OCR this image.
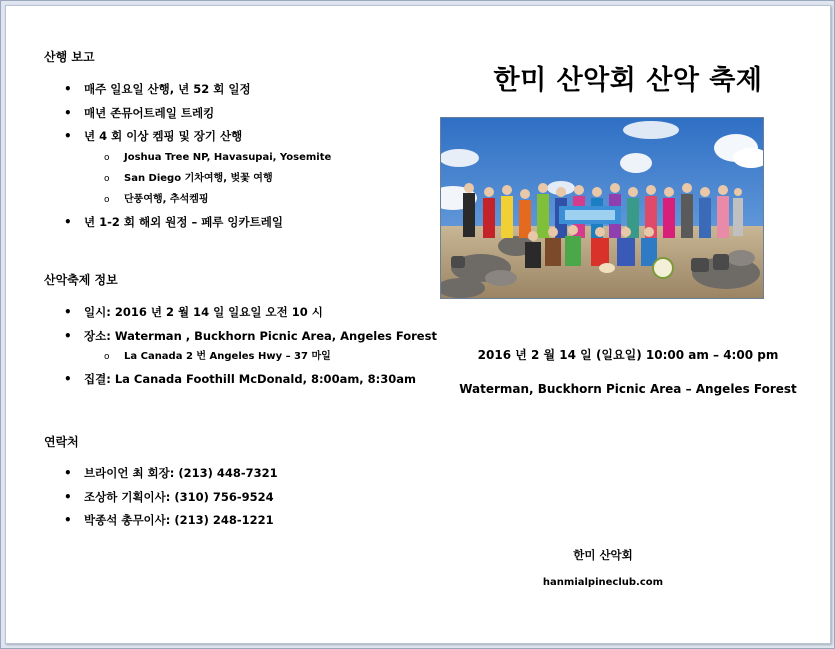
산행 보고
• 매주 일요일 산행, 년 52 회 일정
• 매년 존뮤어트레일 트레킹
• 년 4 회 이상 켐핑 및 장기 산행
o Joshua Tree NP, Havasupai, Yosemite
o San Diego 기차여행, 벚꽃 여행
o 단풍여행, 추석켐핑
• 년 1-2 회 해외 원정 – 페루 잉카트레일
산악축제 정보
• 일시: 2016 년 2 월 14 일 일요일 오전 10 시
• 장소: Waterman , Buckhorn Picnic Area, Angeles Forest
o La Canada 2 번 Angeles Hwy – 37 마일
• 집결: La Canada Foothill McDonald, 8:00am, 8:30am
연락처
• 브라이언 최 회장: (213) 448-7321
• 조상하 기획이사: (310) 756-9524
• 박종석 총무이사: (213) 248-1221
한미 산악회 산악 축제
2016 년 2 월 14 일 (일요일) 10:00 am – 4:00 pm
Waterman, Buckhorn Picnic Area – Angeles Forest
한미 산악회
hanmialpineclub.com
